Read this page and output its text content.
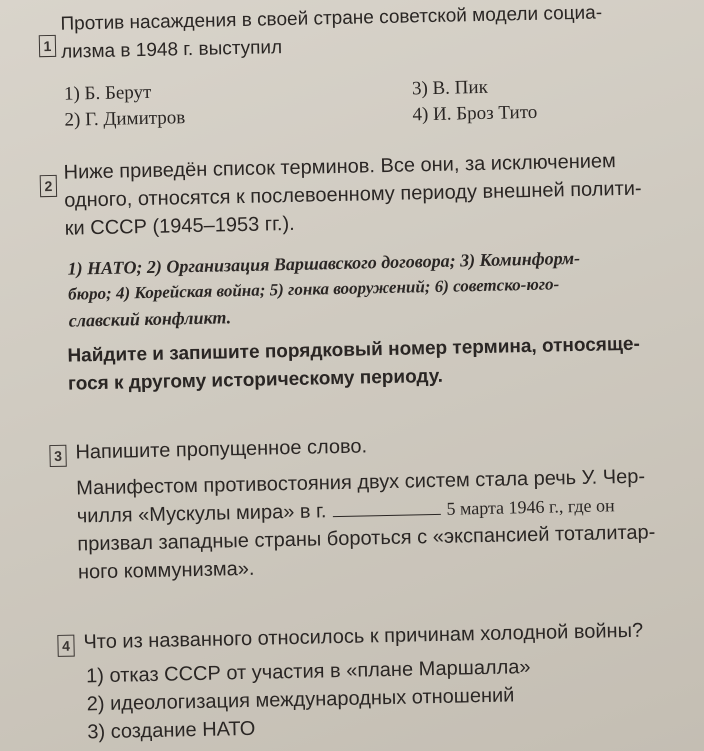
1
Против насаждения в своей стране советской модели социа-
лизма в 1948 г. выступил
1) Б. Берут
2) Г. Димитров
3) В. Пик
4) И. Броз Тито
2
Ниже приведён список терминов. Все они, за исключением
одного, относятся к послевоенному периоду внешней полити-
ки СССР (1945–1953 гг.).
1) НАТО; 2) Организация Варшавского договора; 3) Коминформ-
бюро; 4) Корейская война; 5) гонка вооружений; 6) советско-юго-
славский конфликт.
Найдите и запишите порядковый номер термина, относяще-
гося к другому историческому периоду.
3 Напишите пропущенное слово.
Манифестом противостояния двух систем стала речь У. Чер-
чилля «Мускулы мира» в г.	5 марта 1946 г., где он
призвал западные страны бороться с «экспансией тоталитар-
ного коммунизма».
4 Что из названного относилось к причинам холодной войны?
1) отказ СССР от участия в «плане Маршалла»
2) идеологизация международных отношений
3) создание НАТО
